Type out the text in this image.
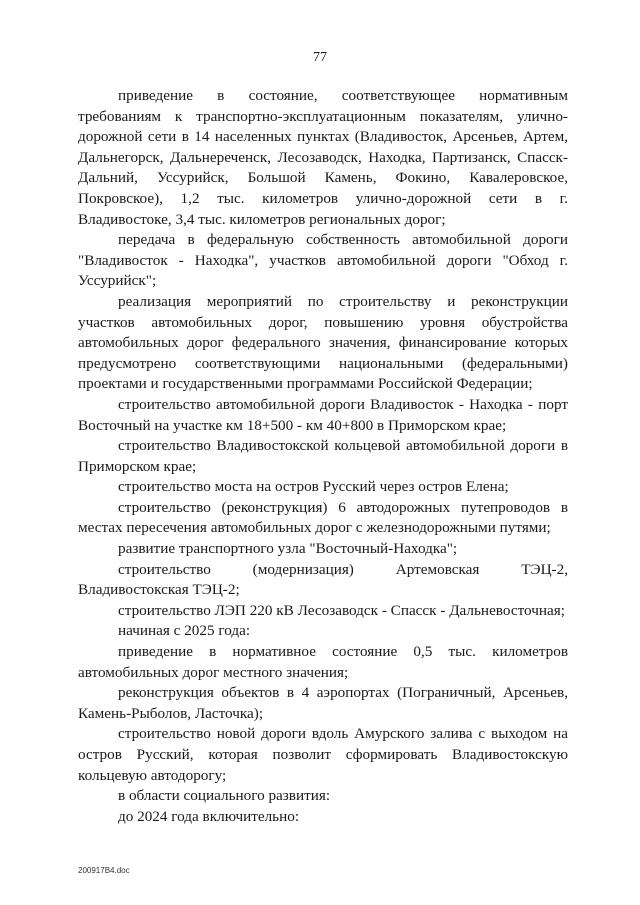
77

приведение в состояние, соответствующее нормативным требованиям к транспортно-эксплуатационным показателям, улично-дорожной сети в 14 населенных пунктах (Владивосток, Арсеньев, Артем, Дальнегорск, Дальнереченск, Лесозаводск, Находка, Партизанск, Спасск-Дальний, Уссурийск, Большой Камень, Фокино, Кавалеровское, Покровское), 1,2 тыс. километров улично-дорожной сети в г. Владивостоке, 3,4 тыс. километров региональных дорог;

передача в федеральную собственность автомобильной дороги "Владивосток - Находка", участков автомобильной дороги "Обход г. Уссурийск";

реализация мероприятий по строительству и реконструкции участков автомобильных дорог, повышению уровня обустройства автомобильных дорог федерального значения, финансирование которых предусмотрено соответствующими национальными (федеральными) проектами и государственными программами Российской Федерации;

строительство автомобильной дороги Владивосток - Находка - порт Восточный на участке км 18+500 - км 40+800 в Приморском крае;

строительство Владивостокской кольцевой автомобильной дороги в Приморском крае;

строительство моста на остров Русский через остров Елена;

строительство (реконструкция) 6 автодорожных путепроводов в местах пересечения автомобильных дорог с железнодорожными путями;

развитие транспортного узла "Восточный-Находка";

строительство (модернизация) Артемовская ТЭЦ-2, Владивостокская ТЭЦ-2;

строительство ЛЭП 220 кВ Лесозаводск - Спасск - Дальневосточная;

начиная с 2025 года:

приведение в нормативное состояние 0,5 тыс. километров автомобильных дорог местного значения;

реконструкция объектов в 4 аэропортах (Пограничный, Арсеньев, Камень-Рыболов, Ласточка);

строительство новой дороги вдоль Амурского залива с выходом на остров Русский, которая позволит сформировать Владивостокскую кольцевую автодорогу;

в области социального развития:

до 2024 года включительно:

200917В4.doc
